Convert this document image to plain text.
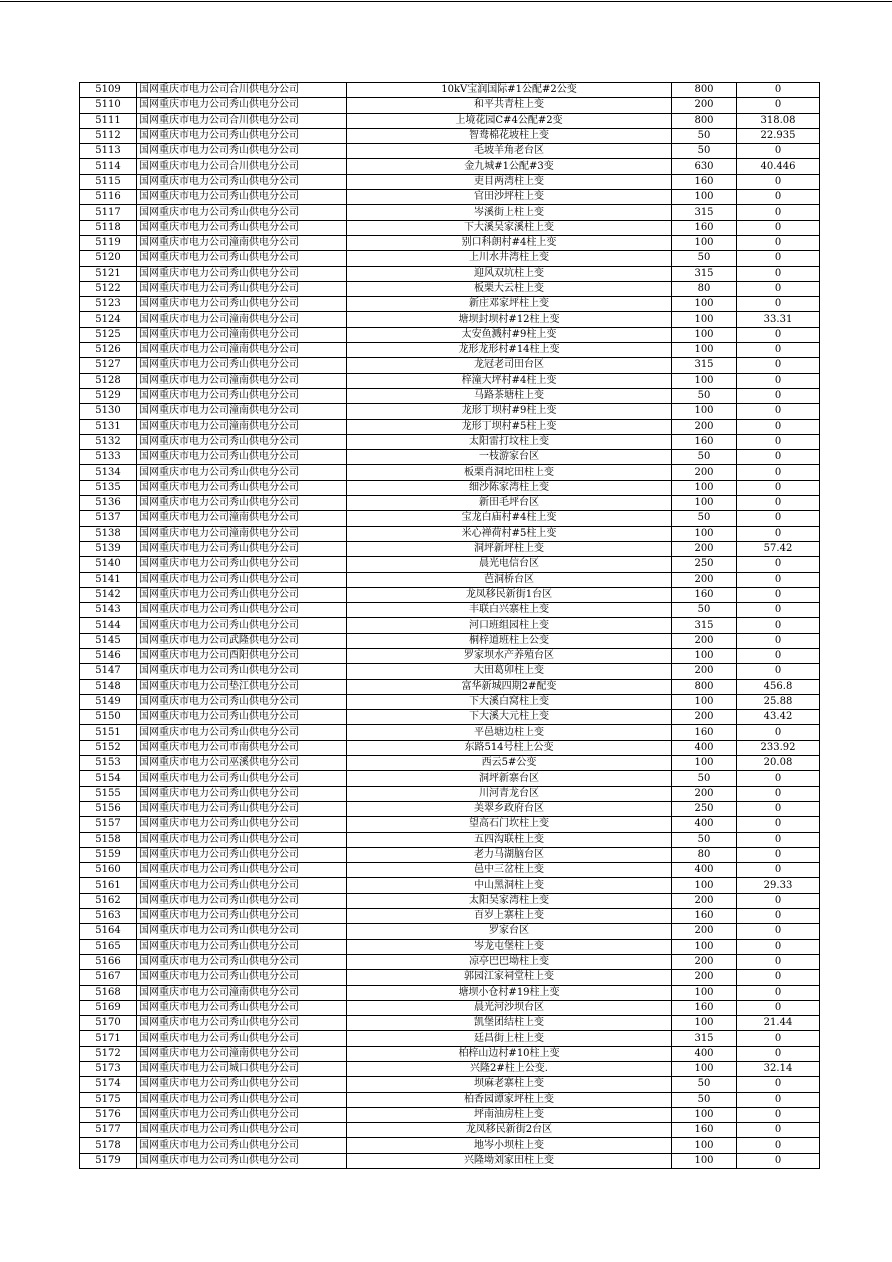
5109	国网重庆市电力公司合川供电分公司	10kV宝润国际#1公配#2公变	800	0
5110	国网重庆市电力公司秀山供电分公司	和平共青柱上变	200	0
5111	国网重庆市电力公司合川供电分公司	上境花园C#4公配#2变	800	318.08
5112	国网重庆市电力公司秀山供电分公司	智鸯棉花坡柱上变	50	22.935
5113	国网重庆市电力公司秀山供电分公司	毛坡羊角老台区	50	0
5114	国网重庆市电力公司合川供电分公司	金九城#1公配#3变	630	40.446
5115	国网重庆市电力公司秀山供电分公司	吏目两湾柱上变	160	0
5116	国网重庆市电力公司秀山供电分公司	官田沙坪柱上变	100	0
5117	国网重庆市电力公司秀山供电分公司	岑溪街上柱上变	315	0
5118	国网重庆市电力公司秀山供电分公司	下大溪吴家溪柱上变	160	0
5119	国网重庆市电力公司潼南供电分公司	别口科朗村#4柱上变	100	0
5120	国网重庆市电力公司秀山供电分公司	上川水井湾柱上变	50	0
5121	国网重庆市电力公司秀山供电分公司	迎风双坑柱上变	315	0
5122	国网重庆市电力公司秀山供电分公司	板栗大云柱上变	80	0
5123	国网重庆市电力公司秀山供电分公司	新庄邓家坪柱上变	100	0
5124	国网重庆市电力公司潼南供电分公司	塘坝封坝村#12柱上变	100	33.31
5125	国网重庆市电力公司潼南供电分公司	太安鱼溅村#9柱上变	100	0
5126	国网重庆市电力公司潼南供电分公司	龙形龙形村#14柱上变	100	0
5127	国网重庆市电力公司秀山供电分公司	龙冠老司田台区	315	0
5128	国网重庆市电力公司潼南供电分公司	梓潼大坪村#4柱上变	100	0
5129	国网重庆市电力公司秀山供电分公司	马路茶塘柱上变	50	0
5130	国网重庆市电力公司潼南供电分公司	龙形丁坝村#9柱上变	100	0
5131	国网重庆市电力公司潼南供电分公司	龙形丁坝村#5柱上变	200	0
5132	国网重庆市电力公司秀山供电分公司	太阳雷打坟柱上变	160	0
5133	国网重庆市电力公司秀山供电分公司	一枝游家台区	50	0
5134	国网重庆市电力公司秀山供电分公司	板栗肖洞坨田柱上变	200	0
5135	国网重庆市电力公司秀山供电分公司	细沙陈家湾柱上变	100	0
5136	国网重庆市电力公司秀山供电分公司	新田毛坪台区	100	0
5137	国网重庆市电力公司潼南供电分公司	宝龙白庙村#4柱上变	50	0
5138	国网重庆市电力公司潼南供电分公司	米心禅荷村#5柱上变	100	0
5139	国网重庆市电力公司秀山供电分公司	洞坪新坪柱上变	200	57.42
5140	国网重庆市电力公司秀山供电分公司	晨光电信台区	250	0
5141	国网重庆市电力公司秀山供电分公司	芭洞桥台区	200	0
5142	国网重庆市电力公司秀山供电分公司	龙凤移民新街1台区	160	0
5143	国网重庆市电力公司秀山供电分公司	丰联白兴寨柱上变	50	0
5144	国网重庆市电力公司秀山供电分公司	河口班组园柱上变	315	0
5145	国网重庆市电力公司武隆供电分公司	桐梓道班柱上公变	200	0
5146	国网重庆市电力公司酉阳供电分公司	罗家坝水产养殖台区	100	0
5147	国网重庆市电力公司秀山供电分公司	大田葛卯柱上变	200	0
5148	国网重庆市电力公司垫江供电分公司	富华新城四期2#配变	800	456.8
5149	国网重庆市电力公司秀山供电分公司	下大溪白窝柱上变	100	25.88
5150	国网重庆市电力公司秀山供电分公司	下大溪大元柱上变	200	43.42
5151	国网重庆市电力公司秀山供电分公司	平邑塘边柱上变	160	0
5152	国网重庆市电力公司市南供电分公司	东路514号柱上公变	400	233.92
5153	国网重庆市电力公司巫溪供电分公司	西云5#公变	100	20.08
5154	国网重庆市电力公司秀山供电分公司	洞坪新寨台区	50	0
5155	国网重庆市电力公司秀山供电分公司	川河青龙台区	200	0
5156	国网重庆市电力公司秀山供电分公司	美翠乡政府台区	250	0
5157	国网重庆市电力公司秀山供电分公司	望高石门坎柱上变	400	0
5158	国网重庆市电力公司秀山供电分公司	五四沟联柱上变	50	0
5159	国网重庆市电力公司秀山供电分公司	老力马湖脑台区	80	0
5160	国网重庆市电力公司秀山供电分公司	邑中三岔柱上变	400	0
5161	国网重庆市电力公司秀山供电分公司	中山黑洞柱上变	100	29.33
5162	国网重庆市电力公司秀山供电分公司	太阳吴家湾柱上变	200	0
5163	国网重庆市电力公司秀山供电分公司	百岁上寨柱上变	160	0
5164	国网重庆市电力公司秀山供电分公司	罗家台区	200	0
5165	国网重庆市电力公司秀山供电分公司	岑龙屯堡柱上变	100	0
5166	国网重庆市电力公司秀山供电分公司	凉亭巴巴坳柱上变	200	0
5167	国网重庆市电力公司秀山供电分公司	郭园江家祠堂柱上变	200	0
5168	国网重庆市电力公司潼南供电分公司	塘坝小仓村#19柱上变	100	0
5169	国网重庆市电力公司秀山供电分公司	晨光河沙坝台区	160	0
5170	国网重庆市电力公司秀山供电分公司	凯堡团结柱上变	100	21.44
5171	国网重庆市电力公司秀山供电分公司	廷昌街上柱上变	315	0
5172	国网重庆市电力公司潼南供电分公司	柏梓山边村#10柱上变	400	0
5173	国网重庆市电力公司城口供电分公司	兴隆2#柱上公变.	100	32.14
5174	国网重庆市电力公司秀山供电分公司	坝麻老寨柱上变	50	0
5175	国网重庆市电力公司秀山供电分公司	柏香园谭家坪柱上变	50	0
5176	国网重庆市电力公司秀山供电分公司	坪南油房柱上变	100	0
5177	国网重庆市电力公司秀山供电分公司	龙凤移民新街2台区	160	0
5178	国网重庆市电力公司秀山供电分公司	地岑小坝柱上变	100	0
5179	国网重庆市电力公司秀山供电分公司	兴隆坳刘家田柱上变	100	0
